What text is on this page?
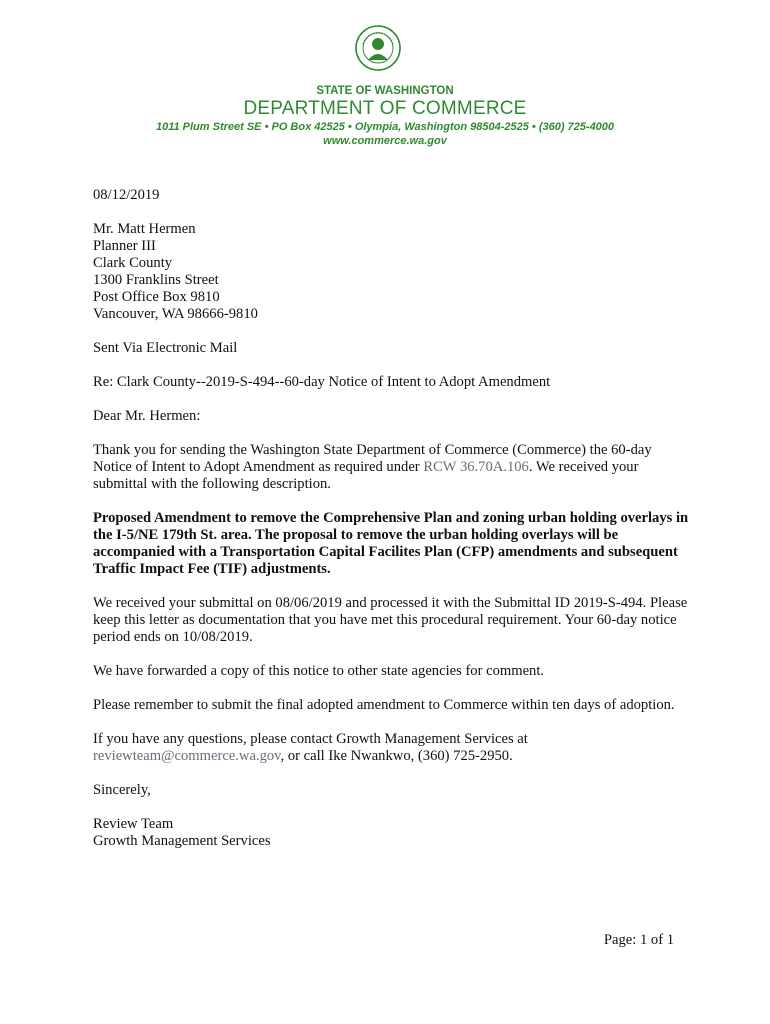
STATE OF WASHINGTON
DEPARTMENT OF COMMERCE
1011 Plum Street SE • PO Box 42525 • Olympia, Washington 98504-2525 • (360) 725-4000
www.commerce.wa.gov

08/12/2019

Mr. Matt Hermen
Planner III
Clark County
1300 Franklins Street
Post Office Box 9810
Vancouver, WA 98666-9810

Sent Via Electronic Mail

Re: Clark County--2019-S-494--60-day Notice of Intent to Adopt Amendment

Dear Mr. Hermen:

Thank you for sending the Washington State Department of Commerce (Commerce) the 60-day Notice of Intent to Adopt Amendment as required under RCW 36.70A.106. We received your submittal with the following description.

Proposed Amendment to remove the Comprehensive Plan and zoning urban holding overlays in the I-5/NE 179th St. area. The proposal to remove the urban holding overlays will be accompanied with a Transportation Capital Facilites Plan (CFP) amendments and subsequent Traffic Impact Fee (TIF) adjustments.

We received your submittal on 08/06/2019 and processed it with the Submittal ID 2019-S-494. Please keep this letter as documentation that you have met this procedural requirement. Your 60-day notice period ends on 10/08/2019.

We have forwarded a copy of this notice to other state agencies for comment.

Please remember to submit the final adopted amendment to Commerce within ten days of adoption.

If you have any questions, please contact Growth Management Services at reviewteam@commerce.wa.gov, or call Ike Nwankwo, (360) 725-2950.

Sincerely,

Review Team
Growth Management Services

Page: 1 of 1
